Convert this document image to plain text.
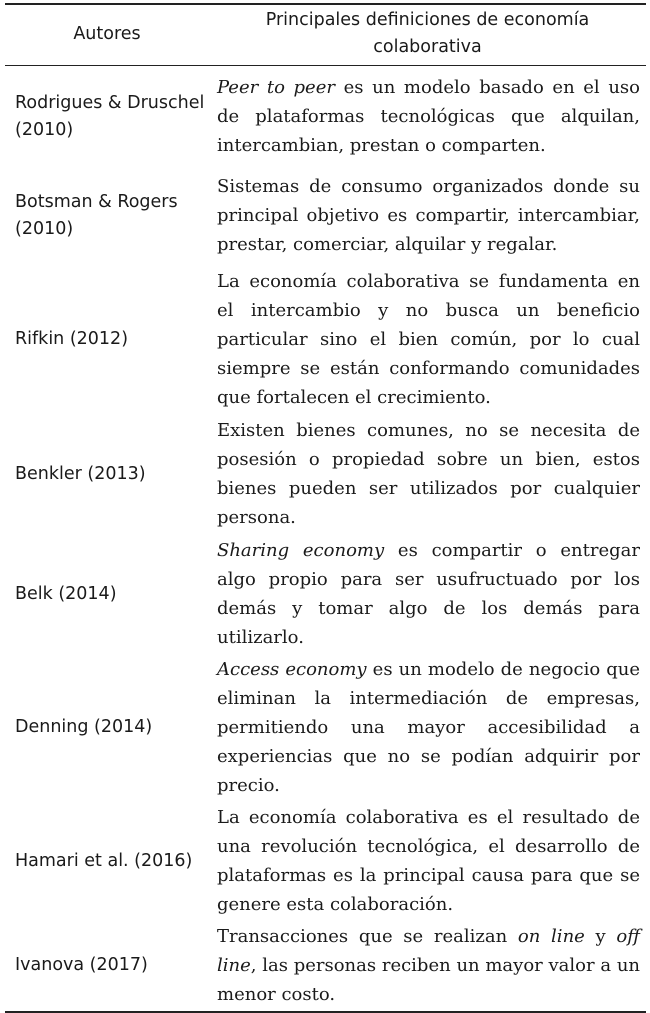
Autores	Principales definiciones de economía colaborativa
Rodrigues & Druschel (2010)	Peer to peer es un modelo basado en el uso de plataformas tecnológicas que alquilan, intercambian, prestan o comparten.
Botsman & Rogers (2010)	Sistemas de consumo organizados donde su principal objetivo es compartir, intercambiar, prestar, comerciar, alquilar y regalar.
Rifkin (2012)	La economía colaborativa se fundamenta en el intercambio y no busca un beneficio particular sino el bien común, por lo cual siempre se están conformando comunidades que fortalecen el crecimiento.
Benkler (2013)	Existen bienes comunes, no se necesita de posesión o propiedad sobre un bien, estos bienes pueden ser utilizados por cualquier persona.
Belk (2014)	Sharing economy es compartir o entregar algo propio para ser usufructuado por los demás y tomar algo de los demás para utilizarlo.
Denning (2014)	Access economy es un modelo de negocio que eliminan la intermediación de empresas, permitiendo una mayor accesibilidad a experiencias que no se podían adquirir por precio.
Hamari et al. (2016)	La economía colaborativa es el resultado de una revolución tecnológica, el desarrollo de plataformas es la principal causa para que se genere esta colaboración.
Ivanova (2017)	Transacciones que se realizan on line y off line, las personas reciben un mayor valor a un menor costo.
